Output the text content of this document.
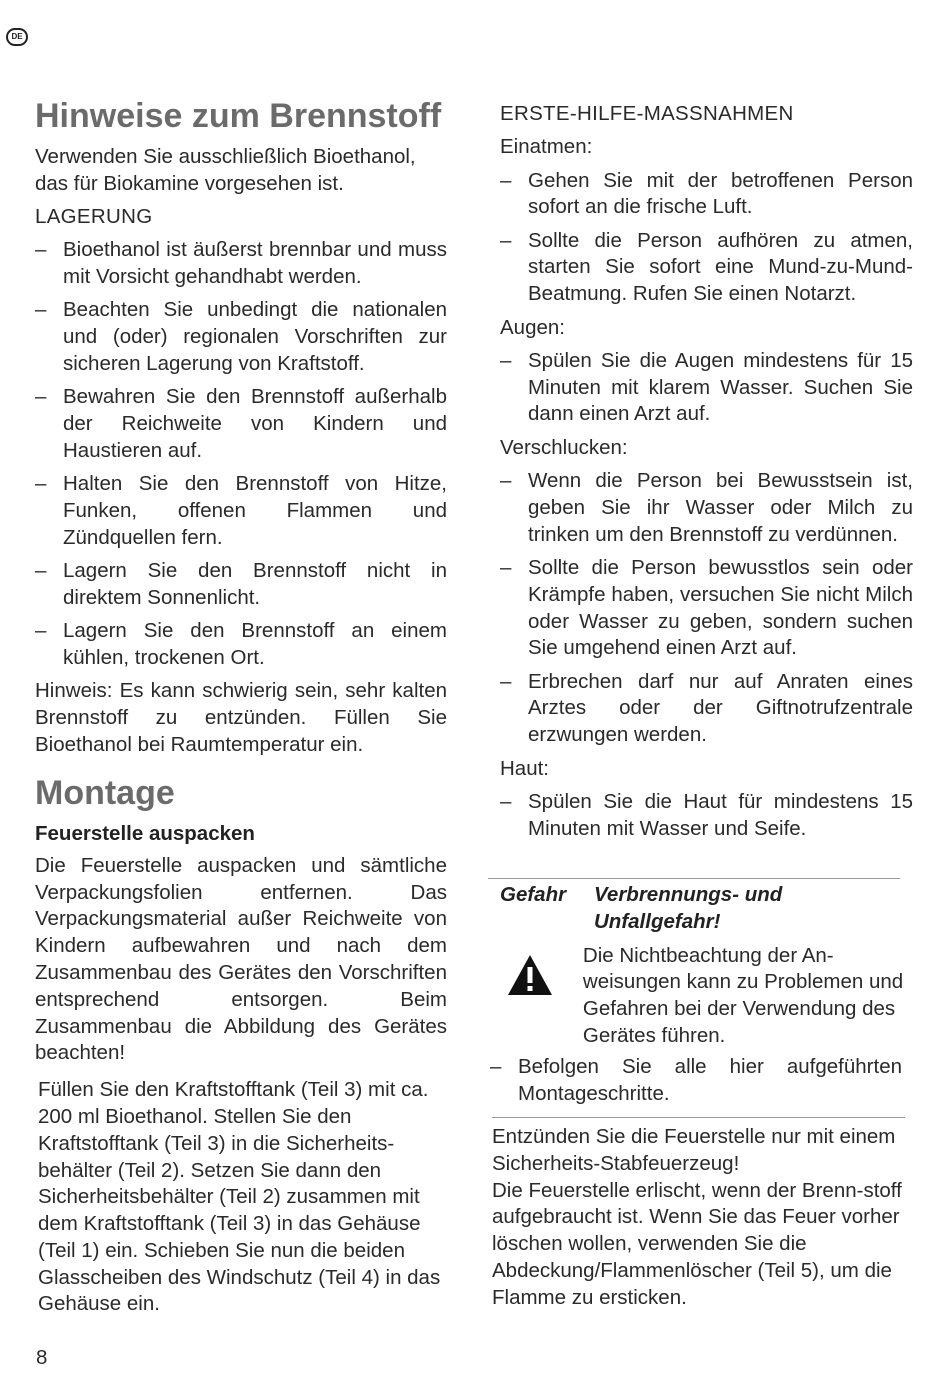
DE
Hinweise zum Brennstoff

Verwenden Sie ausschließlich Bioethanol, das für Biokamine vorgesehen ist.

LAGERUNG

– Bioethanol ist äußerst brennbar und muss mit Vorsicht gehandhabt werden.
– Beachten Sie unbedingt die nationalen und (oder) regionalen Vorschriften zur sicheren Lagerung von Kraftstoff.
– Bewahren Sie den Brennstoff außerhalb der Reichweite von Kindern und Haustieren auf.
– Halten Sie den Brennstoff von Hitze, Funken, offenen Flammen und Zündquellen fern.
– Lagern Sie den Brennstoff nicht in direktem Sonnenlicht.
– Lagern Sie den Brennstoff an einem kühlen, trockenen Ort.

Hinweis: Es kann schwierig sein, sehr kalten Brennstoff zu entzünden. Füllen Sie Bioethanol bei Raumtemperatur ein.

Montage
Feuerstelle auspacken

Die Feuerstelle auspacken und sämtliche Verpackungsfolien entfernen. Das Verpackungsmaterial außer Reichweite von Kindern aufbewahren und nach dem Zusammenbau des Gerätes den Vorschriften entsprechend entsorgen. Beim Zusammenbau die Abbildung des Gerätes beachten!

Füllen Sie den Kraftstofftank (Teil 3) mit ca. 200 ml Bioethanol. Stellen Sie den Kraftstofftank (Teil 3) in die Sicherheits-behälter (Teil 2). Setzen Sie dann den Sicherheitsbehälter (Teil 2) zusammen mit dem Kraftstofftank (Teil 3) in das Gehäuse (Teil 1) ein. Schieben Sie nun die beiden Glasscheiben des Windschutz (Teil 4) in das Gehäuse ein.

ERSTE-HILFE-MASSNAHMEN

Einatmen:

– Gehen Sie mit der betroffenen Person sofort an die frische Luft.
– Sollte die Person aufhören zu atmen, starten Sie sofort eine Mund-zu-Mund-Beatmung. Rufen Sie einen Notarzt.

Augen:

– Spülen Sie die Augen mindestens für 15 Minuten mit klarem Wasser. Suchen Sie dann einen Arzt auf.

Verschlucken:

– Wenn die Person bei Bewusstsein ist, geben Sie ihr Wasser oder Milch zu trinken um den Brennstoff zu verdünnen.
– Sollte die Person bewusstlos sein oder Krämpfe haben, versuchen Sie nicht Milch oder Wasser zu geben, sondern suchen Sie umgehend einen Arzt auf.
– Erbrechen darf nur auf Anraten eines Arztes oder der Giftnotrufzentrale erzwungen werden.

Haut:

– Spülen Sie die Haut für mindestens 15 Minuten mit Wasser und Seife.
Gefahr	Verbrennungs- und Unfallgefahr!

Die Nichtbeachtung der An-weisungen kann zu Problemen und Gefahren bei der Verwendung des Gerätes führen.

– Befolgen Sie alle hier aufgeführten Montageschritte.

Entzünden Sie die Feuerstelle nur mit einem Sicherheits-Stabfeuerzeug!

Die Feuerstelle erlischt, wenn der Brenn-stoff aufgebraucht ist. Wenn Sie das Feuer vorher löschen wollen, verwenden Sie die Abdeckung/Flammenlöscher (Teil 5), um die Flamme zu ersticken.

8
